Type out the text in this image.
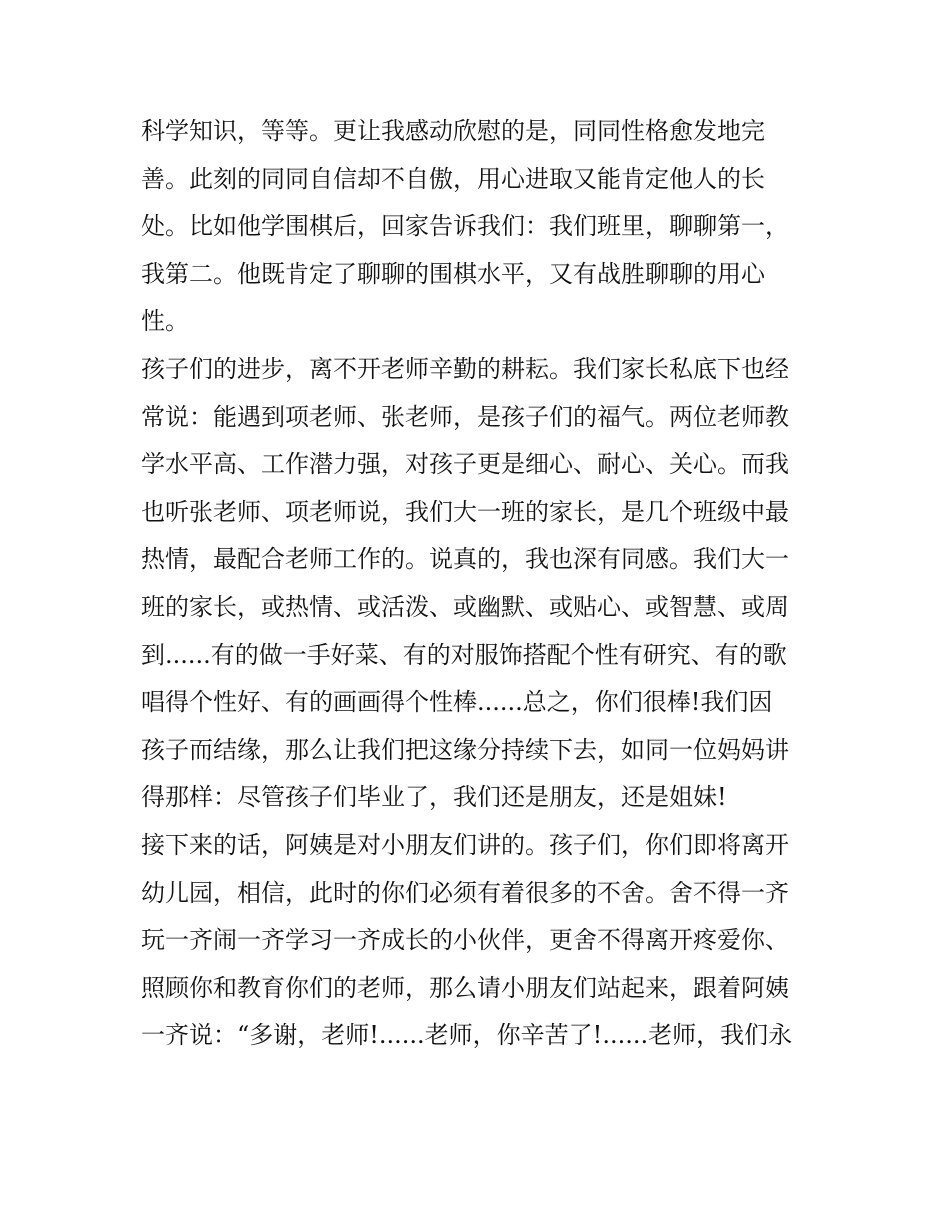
科学知识，等等。更让我感动欣慰的是，同同性格愈发地完
善。此刻的同同自信却不自傲，用心进取又能肯定他人的长
处。比如他学围棋后，回家告诉我们：我们班里，聊聊第一，
我第二。他既肯定了聊聊的围棋水平，又有战胜聊聊的用心
性。
孩子们的进步，离不开老师辛勤的耕耘。我们家长私底下也经
常说：能遇到项老师、张老师，是孩子们的福气。两位老师教
学水平高、工作潜力强，对孩子更是细心、耐心、关心。而我
也听张老师、项老师说，我们大一班的家长，是几个班级中最
热情，最配合老师工作的。说真的，我也深有同感。我们大一
班的家长，或热情、或活泼、或幽默、或贴心、或智慧、或周
到......有的做一手好菜、有的对服饰搭配个性有研究、有的歌
唱得个性好、有的画画得个性棒......总之，你们很棒!我们因
孩子而结缘，那么让我们把这缘分持续下去，如同一位妈妈讲
得那样：尽管孩子们毕业了，我们还是朋友，还是姐妹!
接下来的话，阿姨是对小朋友们讲的。孩子们，你们即将离开
幼儿园，相信，此时的你们必须有着很多的不舍。舍不得一齐
玩一齐闹一齐学习一齐成长的小伙伴，更舍不得离开疼爱你、
照顾你和教育你们的老师，那么请小朋友们站起来，跟着阿姨
一齐说：“多谢，老师!......老师，你辛苦了!......老师，我们永
